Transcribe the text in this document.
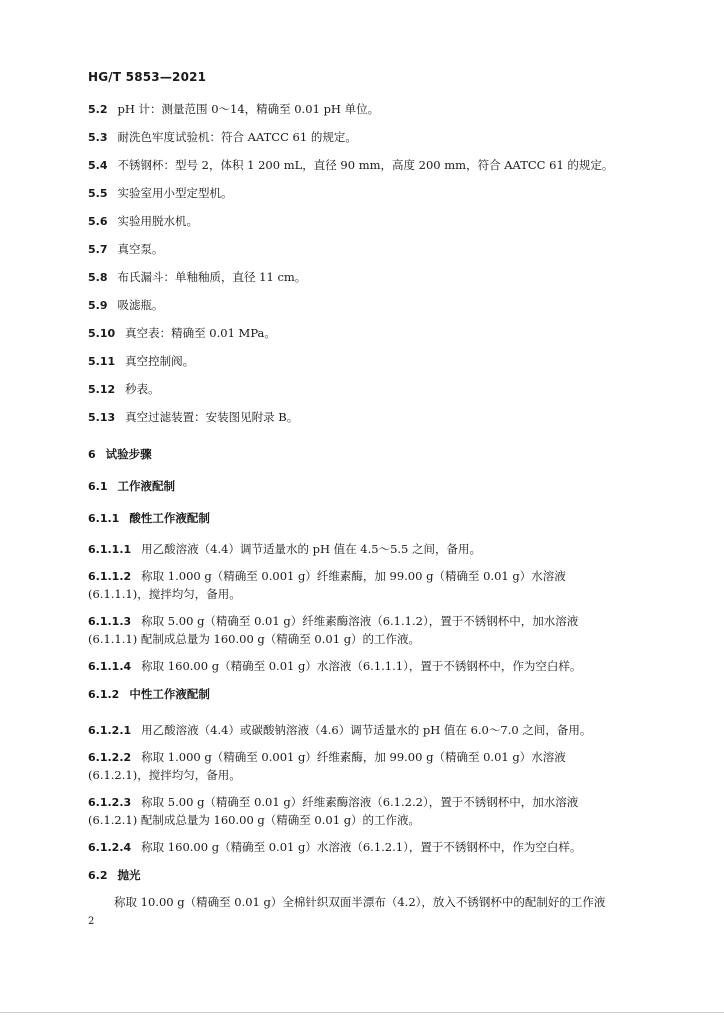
HG/T 5853—2021
5.2 pH 计：测量范围 0～14，精确至 0.01 pH 单位。
5.3 耐洗色牢度试验机：符合 AATCC 61 的规定。
5.4 不锈钢杯：型号 2，体积 1 200 mL，直径 90 mm，高度 200 mm，符合 AATCC 61 的规定。
5.5 实验室用小型定型机。
5.6 实验用脱水机。
5.7 真空泵。
5.8 布氏漏斗：单釉釉质，直径 11 cm。
5.9 吸滤瓶。
5.10 真空表：精确至 0.01 MPa。
5.11 真空控制阀。
5.12 秒表。
5.13 真空过滤装置：安装图见附录 B。
6 试验步骤
6.1 工作液配制
6.1.1 酸性工作液配制
6.1.1.1 用乙酸溶液（4.4）调节适量水的 pH 值在 4.5～5.5 之间，备用。
6.1.1.2 称取 1.000 g（精确至 0.001 g）纤维素酶，加 99.00 g（精确至 0.01 g）水溶液
(6.1.1.1)，搅拌均匀，备用。
6.1.1.3 称取 5.00 g（精确至 0.01 g）纤维素酶溶液（6.1.1.2），置于不锈钢杯中，加水溶液
(6.1.1.1) 配制成总量为 160.00 g（精确至 0.01 g）的工作液。
6.1.1.4 称取 160.00 g（精确至 0.01 g）水溶液（6.1.1.1），置于不锈钢杯中，作为空白样。
6.1.2 中性工作液配制
6.1.2.1 用乙酸溶液（4.4）或碳酸钠溶液（4.6）调节适量水的 pH 值在 6.0～7.0 之间，备用。
6.1.2.2 称取 1.000 g（精确至 0.001 g）纤维素酶，加 99.00 g（精确至 0.01 g）水溶液
(6.1.2.1)，搅拌均匀，备用。
6.1.2.3 称取 5.00 g（精确至 0.01 g）纤维素酶溶液（6.1.2.2），置于不锈钢杯中，加水溶液
(6.1.2.1) 配制成总量为 160.00 g（精确至 0.01 g）的工作液。
6.1.2.4 称取 160.00 g（精确至 0.01 g）水溶液（6.1.2.1），置于不锈钢杯中，作为空白样。
6.2 抛光
称取 10.00 g（精确至 0.01 g）全棉针织双面半漂布（4.2），放入不锈钢杯中的配制好的工作液
2
